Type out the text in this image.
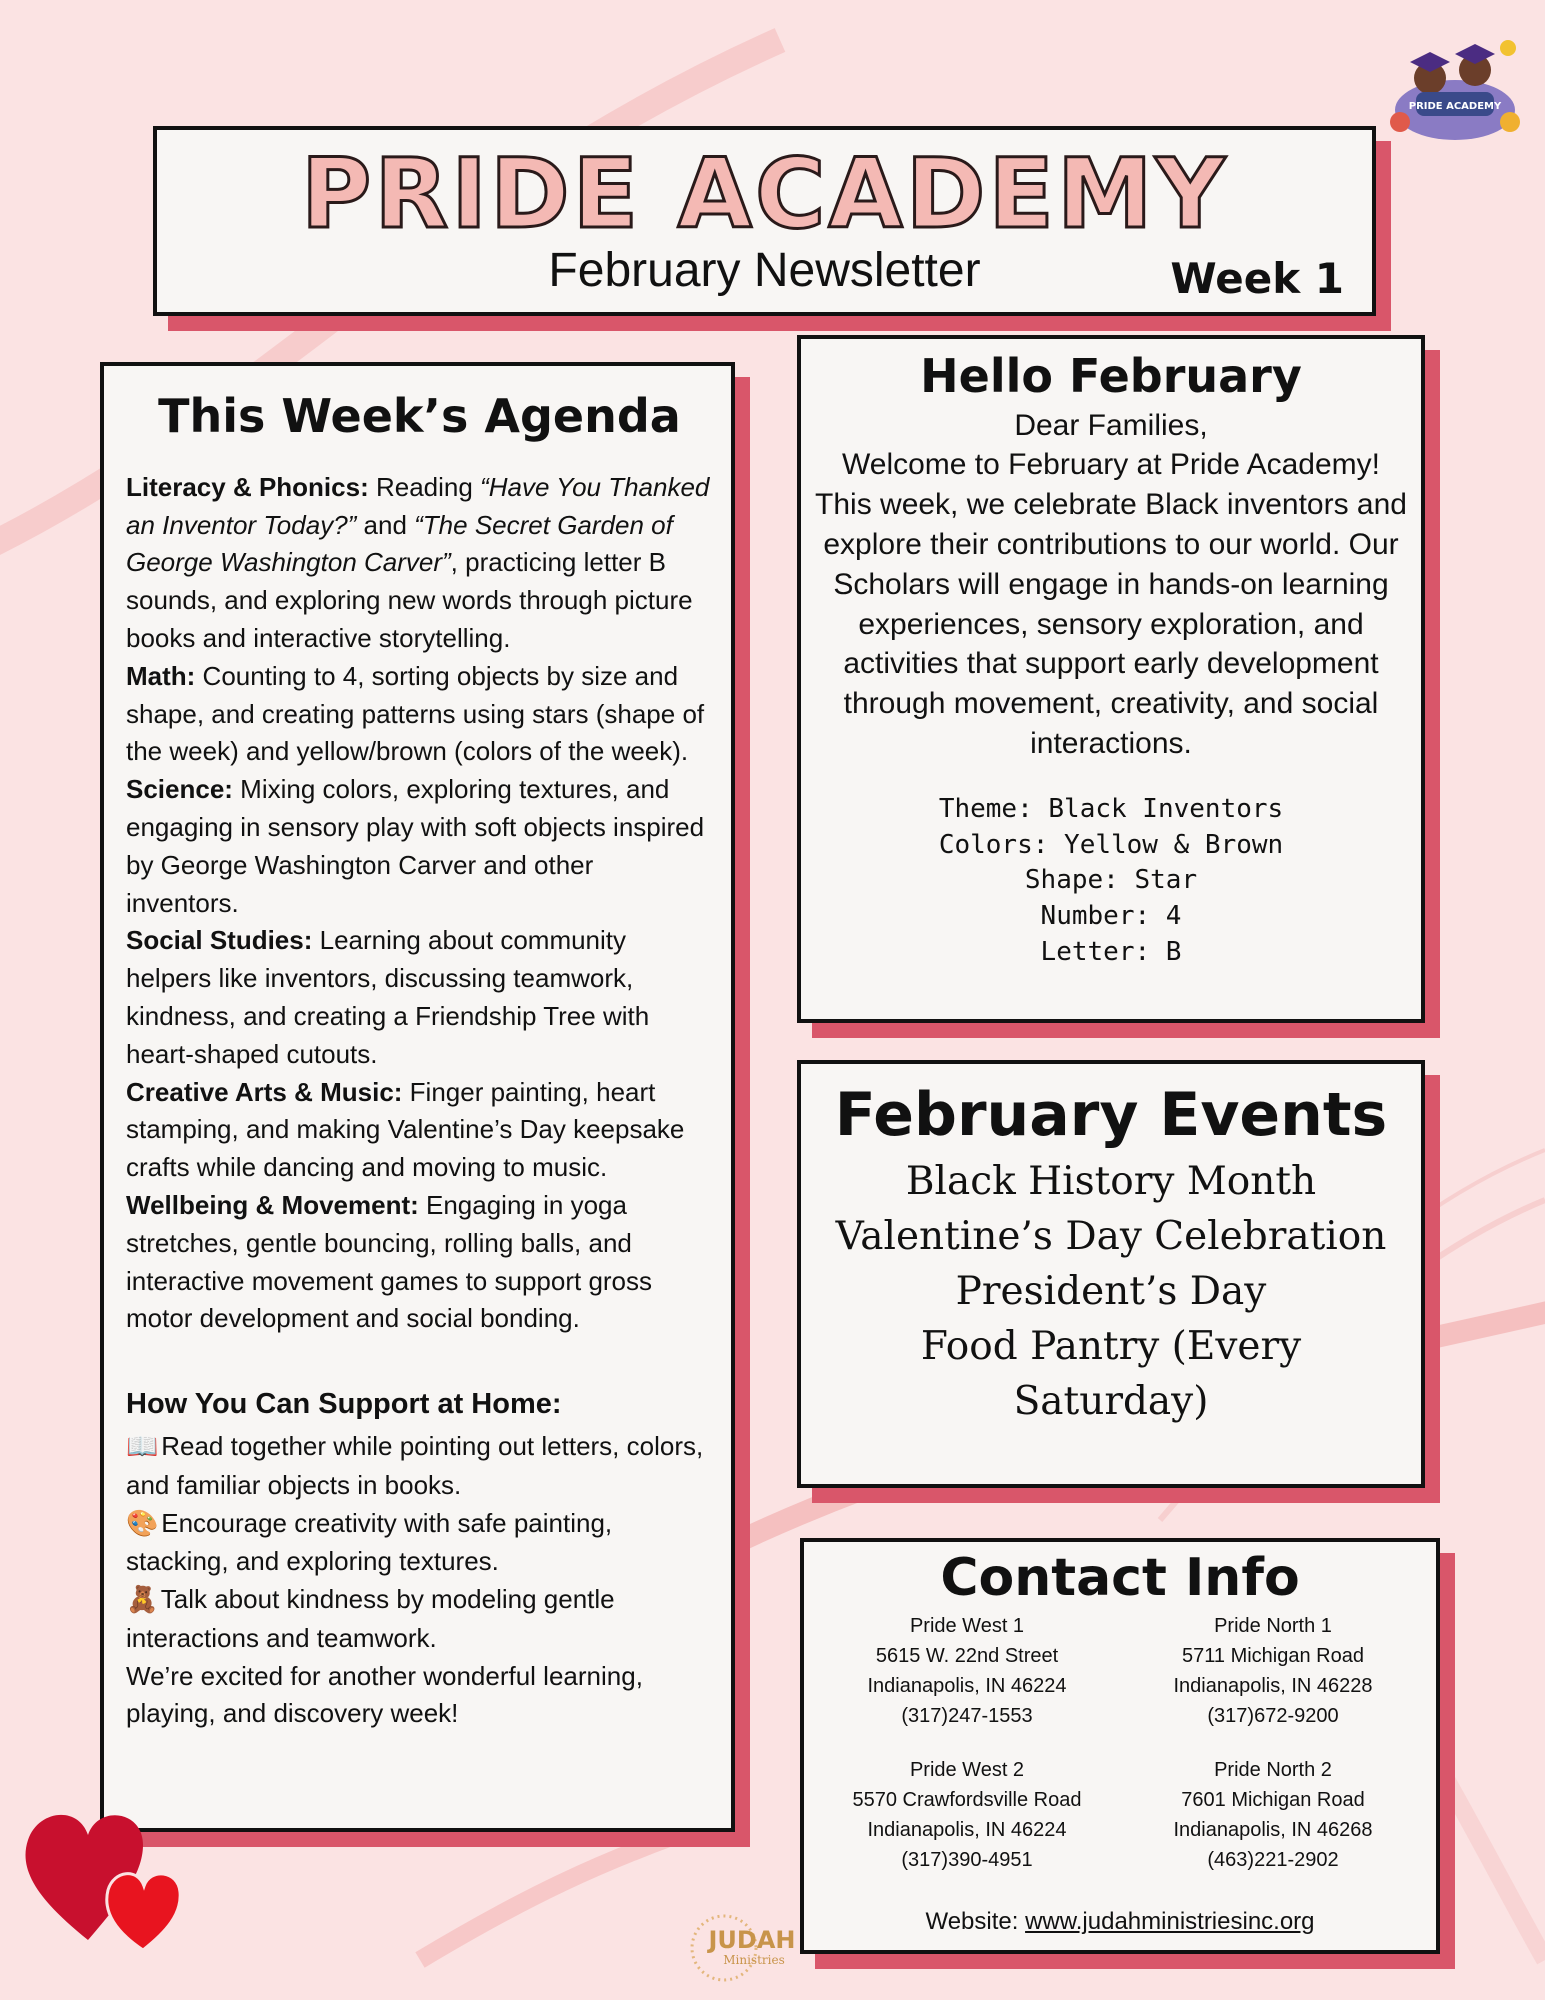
PRIDE ACADEMY
PRIDE ACADEMY
February Newsletter	Week 1
This Week’s Agenda

Literacy & Phonics: Reading “Have You Thanked an Inventor Today?” and “The Secret Garden of George Washington Carver”, practicing letter B sounds, and exploring new words through picture books and interactive storytelling.

Math: Counting to 4, sorting objects by size and shape, and creating patterns using stars (shape of the week) and yellow/brown (colors of the week).

Science: Mixing colors, exploring textures, and engaging in sensory play with soft objects inspired by George Washington Carver and other inventors.

Social Studies: Learning about community helpers like inventors, discussing teamwork, kindness, and creating a Friendship Tree with heart-shaped cutouts.

Creative Arts & Music: Finger painting, heart stamping, and making Valentine’s Day keepsake crafts while dancing and moving to music.

Wellbeing & Movement: Engaging in yoga stretches, gentle bouncing, rolling balls, and interactive movement games to support gross motor development and social bonding.

How You Can Support at Home:

📖 Read together while pointing out letters, colors, and familiar objects in books.

🎨 Encourage creativity with safe painting, stacking, and exploring textures.

🧸 Talk about kindness by modeling gentle interactions and teamwork.

We’re excited for another wonderful learning, playing, and discovery week!

Hello February
Dear Families,
Welcome to February at Pride Academy! This week, we celebrate Black inventors and explore their contributions to our world. Our Scholars will engage in hands-on learning experiences, sensory exploration, and activities that support early development through movement, creativity, and social interactions.
Theme: Black Inventors
Colors: Yellow & Brown
Shape: Star
Number: 4
Letter: B
February Events
Black History Month
Valentine’s Day Celebration
President’s Day
Food Pantry (Every Saturday)
Contact Info
Pride West 1
5615 W. 22nd Street
Indianapolis, IN 46224
(317)247-1553
Pride North 1
5711 Michigan Road
Indianapolis, IN 46228
(317)672-9200
Pride West 2
5570 Crawfordsville Road
Indianapolis, IN 46224
(317)390-4951
Pride North 2
7601 Michigan Road
Indianapolis, IN 46268
(463)221-2902
Website: www.judahministriesinc.org
JUDAH
Ministries
